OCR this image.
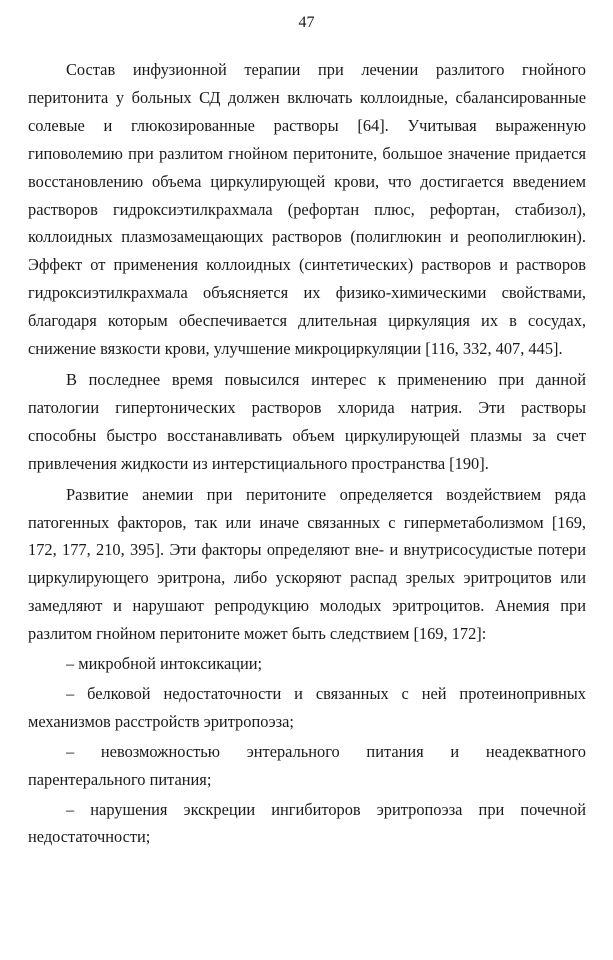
47

Состав инфузионной терапии при лечении разлитого гнойного перитонита у больных СД должен включать коллоидные, сбалансированные солевые и глюкозированные растворы [64]. Учитывая выраженную гиповолемию при разлитом гнойном перитоните, большое значение придается восстановлению объема циркулирующей крови, что достигается введением растворов гидроксиэтилкрахмала (рефортан плюс, рефортан, стабизол), коллоидных плазмозамещающих растворов (полиглюкин и реополиглюкин). Эффект от применения коллоидных (синтетических) растворов и растворов гидроксиэтилкрахмала объясняется их физико-химическими свойствами, благодаря которым обеспечивается длительная циркуляция их в сосудах, снижение вязкости крови, улучшение микроциркуляции [116, 332, 407, 445].

В последнее время повысился интерес к применению при данной патологии гипертонических растворов хлорида натрия. Эти растворы способны быстро восстанавливать объем циркулирующей плазмы за счет привлечения жидкости из интерстициального пространства [190].

Развитие анемии при перитоните определяется воздействием ряда патогенных факторов, так или иначе связанных с гиперметаболизмом [169, 172, 177, 210, 395]. Эти факторы определяют вне- и внутрисосудистые потери циркулирующего эритрона, либо ускоряют распад зрелых эритроцитов или замедляют и нарушают репродукцию молодых эритроцитов. Анемия при разлитом гнойном перитоните может быть следствием [169, 172]:

– микробной интоксикации;

– белковой недостаточности и связанных с ней протеинопривных механизмов расстройств эритропоэза;

– невозможностью энтерального питания и неадекватного парентерального питания;

– нарушения экскреции ингибиторов эритропоэза при почечной недостаточности;
